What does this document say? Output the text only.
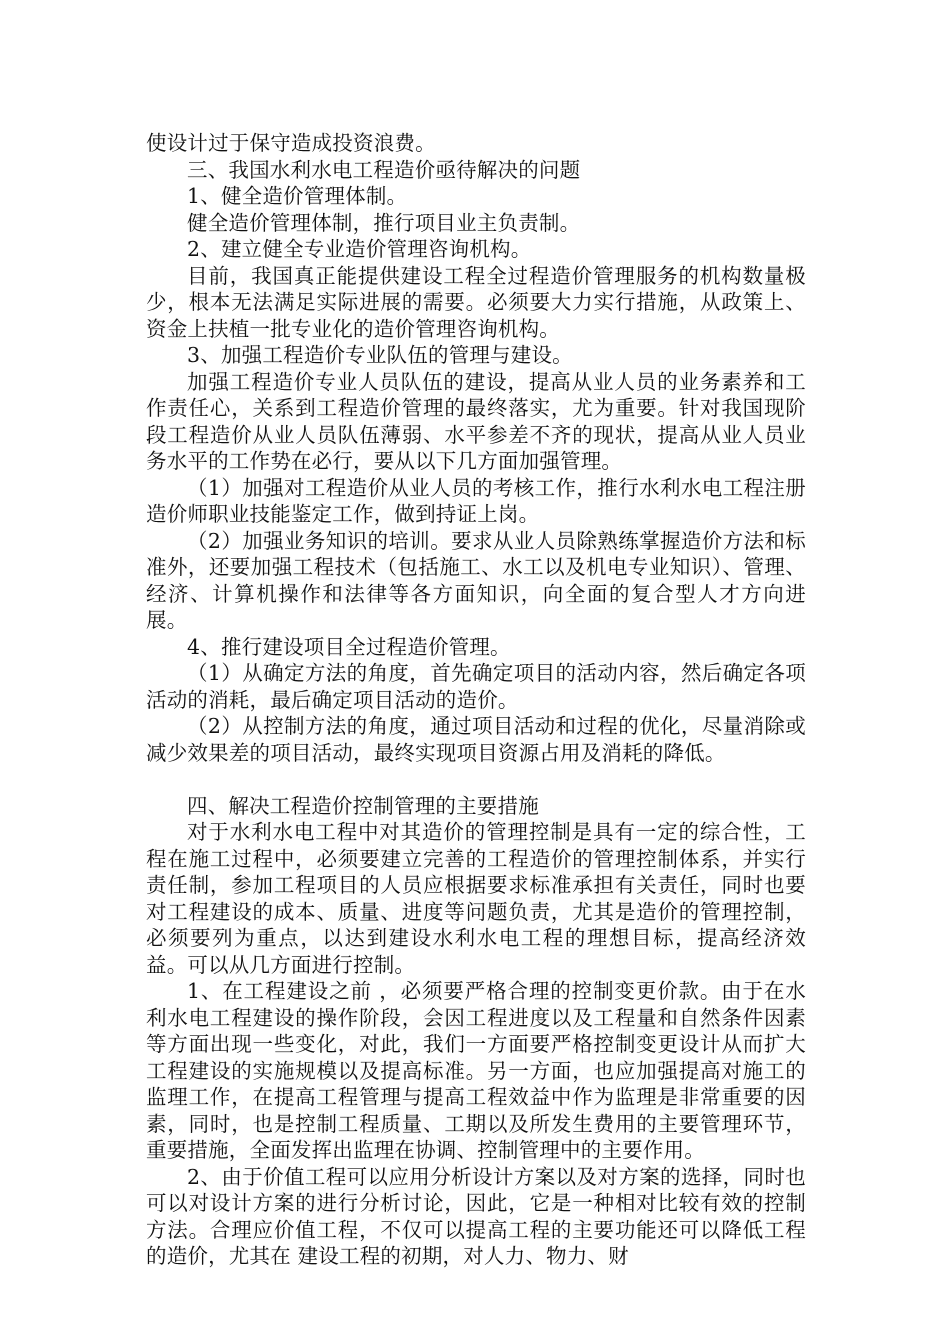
使设计过于保守造成投资浪费。

三、我国水利水电工程造价亟待解决的问题

1、健全造价管理体制。

健全造价管理体制，推行项目业主负责制。

2、建立健全专业造价管理咨询机构。

目前，我国真正能提供建设工程全过程造价管理服务的机构数量极少，根本无法满足实际进展的需要。必须要大力实行措施，从政策上、资金上扶植一批专业化的造价管理咨询机构。

3、加强工程造价专业队伍的管理与建设。

加强工程造价专业人员队伍的建设，提高从业人员的业务素养和工作责任心，关系到工程造价管理的最终落实，尤为重要。针对我国现阶段工程造价从业人员队伍薄弱、水平参差不齐的现状，提高从业人员业务水平的工作势在必行，要从以下几方面加强管理。

（1）加强对工程造价从业人员的考核工作，推行水利水电工程注册造价师职业技能鉴定工作，做到持证上岗。

（2）加强业务知识的培训。要求从业人员除熟练掌握造价方法和标准外，还要加强工程技术（包括施工、水工以及机电专业知识）、管理、经济、计算机操作和法律等各方面知识，向全面的复合型人才方向进展。

4、推行建设项目全过程造价管理。

（1）从确定方法的角度，首先确定项目的活动内容，然后确定各项活动的消耗，最后确定项目活动的造价。

（2）从控制方法的角度，通过项目活动和过程的优化，尽量消除或减少效果差的项目活动，最终实现项目资源占用及消耗的降低。

四、解决工程造价控制管理的主要措施

对于水利水电工程中对其造价的管理控制是具有一定的综合性，工程在施工过程中，必须要建立完善的工程造价的管理控制体系，并实行责任制，参加工程项目的人员应根据要求标准承担有关责任，同时也要对工程建设的成本、质量、进度等问题负责，尤其是造价的管理控制，必须要列为重点，以达到建设水利水电工程的理想目标，提高经济效益。可以从几方面进行控制。

1、在工程建设之前 ，必须要严格合理的控制变更价款。由于在水利水电工程建设的操作阶段，会因工程进度以及工程量和自然条件因素等方面出现一些变化，对此，我们一方面要严格控制变更设计从而扩大工程建设的实施规模以及提高标准。另一方面，也应加强提高对施工的监理工作，在提高工程管理与提高工程效益中作为监理是非常重要的因素，同时，也是控制工程质量、工期以及所发生费用的主要管理环节，重要措施，全面发挥出监理在协调、控制管理中的主要作用。

2、由于价值工程可以应用分析设计方案以及对方案的选择，同时也可以对设计方案的进行分析讨论，因此，它是一种相对比较有效的控制方法。合理应价值工程，不仅可以提高工程的主要功能还可以降低工程的造价，尤其在 建设工程的初期，对人力、物力、财
